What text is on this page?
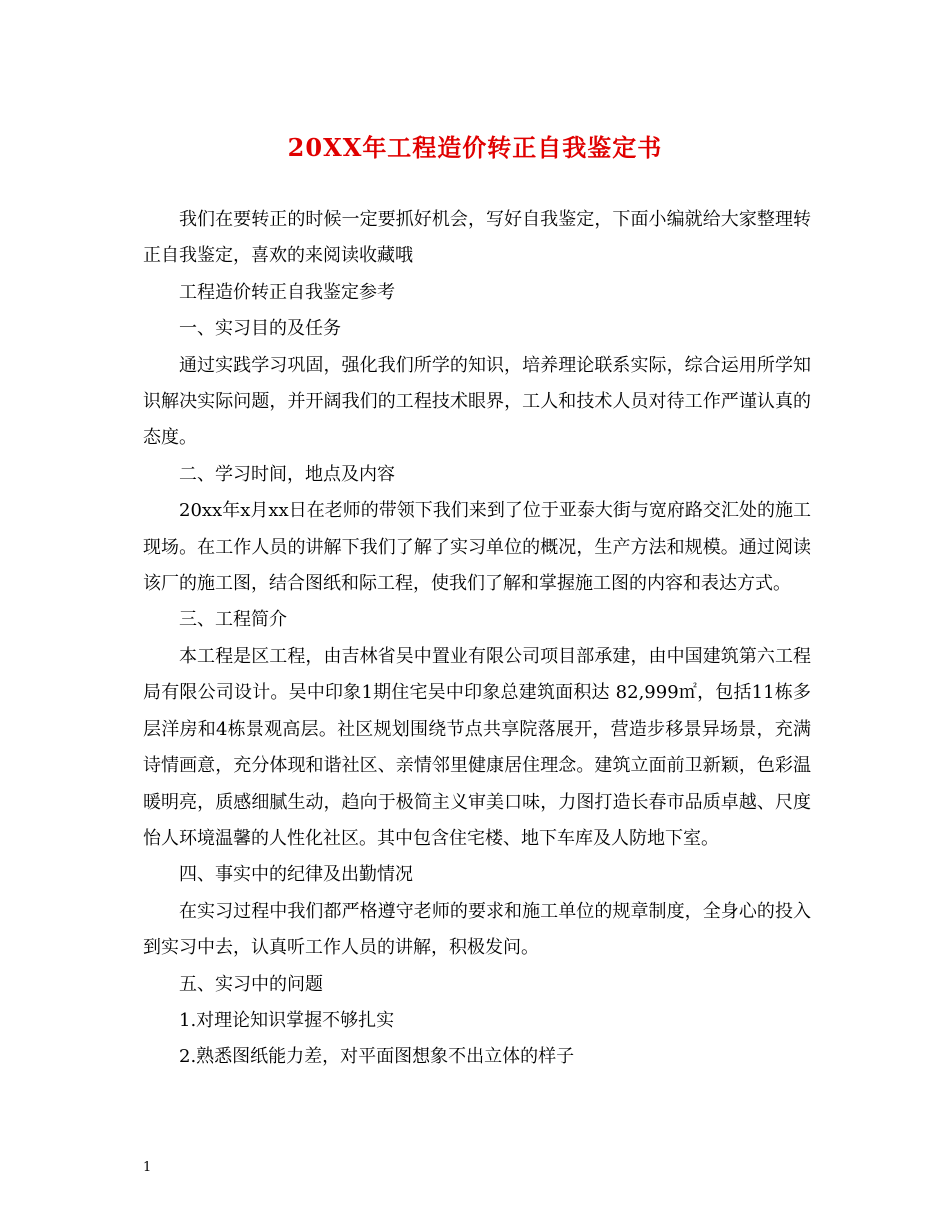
20XX年工程造价转正自我鉴定书

我们在要转正的时候一定要抓好机会，写好自我鉴定，下面小编就给大家整理转正自我鉴定，喜欢的来阅读收藏哦

工程造价转正自我鉴定参考

一、实习目的及任务

通过实践学习巩固，强化我们所学的知识，培养理论联系实际，综合运用所学知识解决实际问题，并开阔我们的工程技术眼界，工人和技术人员对待工作严谨认真的态度。

二、学习时间，地点及内容

20xx年x月xx日在老师的带领下我们来到了位于亚泰大街与宽府路交汇处的施工现场。在工作人员的讲解下我们了解了实习单位的概况，生产方法和规模。通过阅读该厂的施工图，结合图纸和际工程，使我们了解和掌握施工图的内容和表达方式。

三、工程简介

本工程是区工程，由吉林省吴中置业有限公司项目部承建，由中国建筑第六工程局有限公司设计。吴中印象1期住宅吴中印象总建筑面积达 82,999㎡，包括11栋多层洋房和4栋景观高层。社区规划围绕节点共享院落展开，营造步移景异场景，充满诗情画意，充分体现和谐社区、亲情邻里健康居住理念。建筑立面前卫新颖，色彩温暖明亮，质感细腻生动，趋向于极简主义审美口味，力图打造长春市品质卓越、尺度怡人环境温馨的人性化社区。其中包含住宅楼、地下车库及人防地下室。

四、事实中的纪律及出勤情况

在实习过程中我们都严格遵守老师的要求和施工单位的规章制度，全身心的投入到实习中去，认真听工作人员的讲解，积极发问。

五、实习中的问题

1.对理论知识掌握不够扎实

2.熟悉图纸能力差，对平面图想象不出立体的样子

1
